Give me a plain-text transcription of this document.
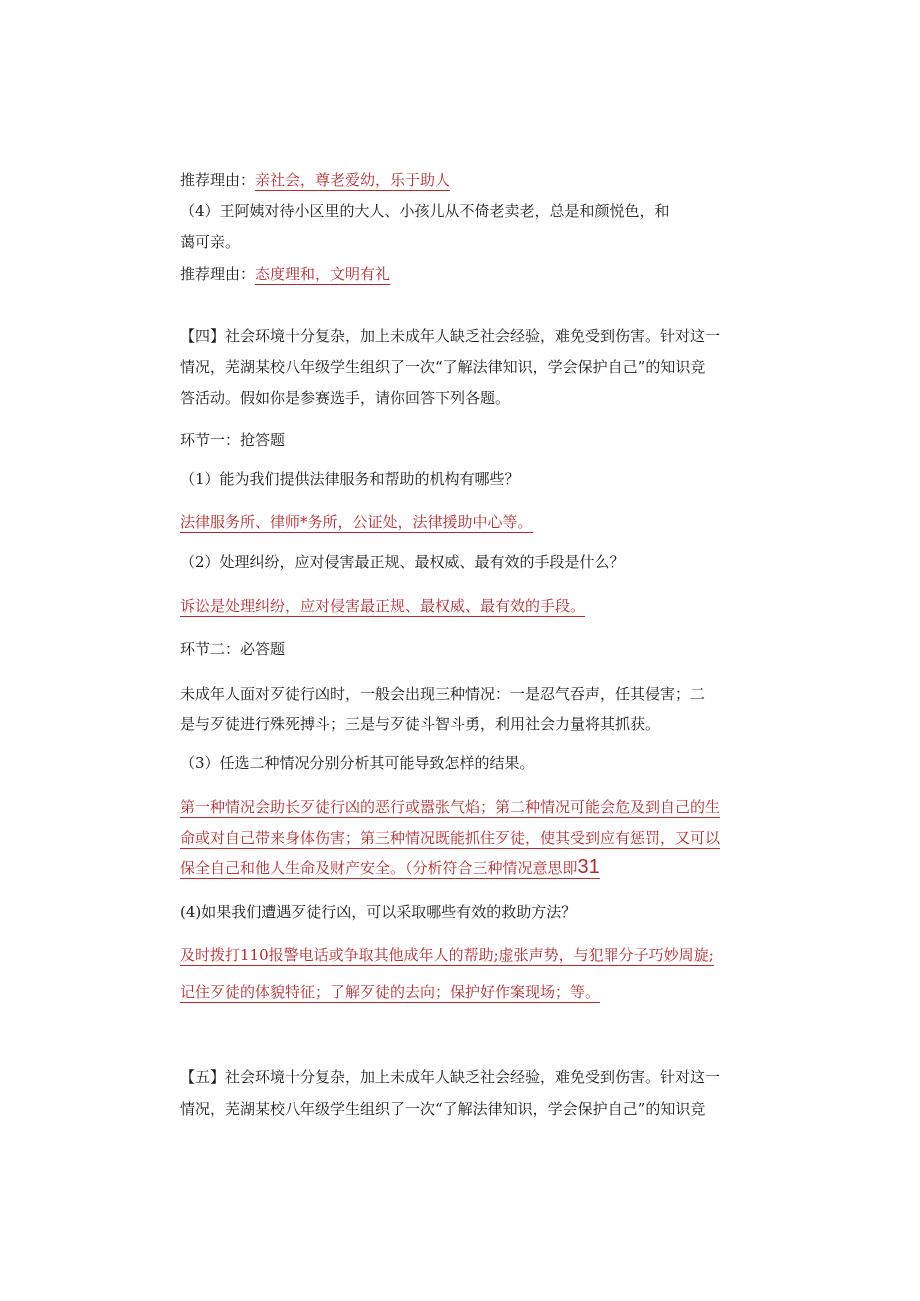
推荐理由：亲社会，尊老爱幼，乐于助人
（4）王阿姨对待小区里的大人、小孩儿从不倚老卖老，总是和颜悦色，和
蔼可亲。
推荐理由：态度理和，文明有礼
【四】社会环境十分复杂，加上未成年人缺乏社会经验，难免受到伤害。针对这一
情况，芜湖某校八年级学生组织了一次“了解法律知识，学会保护自己”的知识竞
答活动。假如你是参赛选手，请你回答下列各题。
环节一：抢答题
（1）能为我们提供法律服务和帮助的机构有哪些？
法律服务所、律师*务所，公证处，法律援助中心等。
（2）处理纠纷，应对侵害最正规、最权威、最有效的手段是什么？
诉讼是处理纠纷，应对侵害最正规、最权威、最有效的手段。
环节二：必答题
未成年人面对歹徒行凶时，一般会出现三种情况：一是忍气吞声，任其侵害；二
是与歹徒进行殊死搏斗；三是与歹徒斗智斗勇，利用社会力量将其抓获。
（3）任选二种情况分别分析其可能导致怎样的结果。
第一种情况会助长歹徒行凶的恶行或嚣张气焰；第二种情况可能会危及到自己的生
命或对自己带来身体伤害；第三种情况既能抓住歹徒，使其受到应有惩罚，又可以
保全自己和他人生命及财产安全。（分析符合三种情况意思即31
(4)如果我们遭遇歹徒行凶，可以采取哪些有效的救助方法？
及时拨打110报警电话或争取其他成年人的帮助;虚张声势，与犯罪分子巧妙周旋;
记住歹徒的体貌特征；了解歹徒的去向；保护好作案现场；等。
【五】社会环境十分复杂，加上未成年人缺乏社会经验，难免受到伤害。针对这一
情况，芜湖某校八年级学生组织了一次“了解法律知识，学会保护自己”的知识竞
